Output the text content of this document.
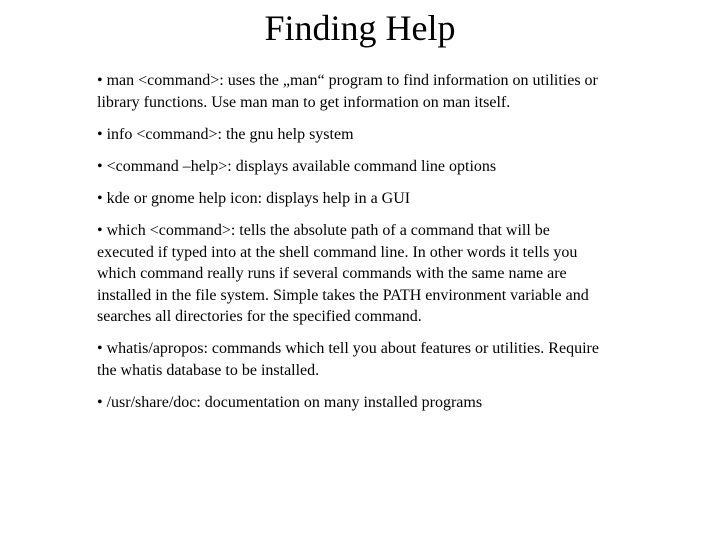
Finding Help
• man <command>: uses the „man“ program to find information on utilities or library functions. Use man man to get information on man itself.
• info <command>: the gnu help system
• <command –help>: displays available command line options
• kde or gnome help icon: displays help in a GUI
• which <command>: tells the absolute path of a command that will be executed if typed into at the shell command line. In other words it tells you which command really runs if several commands with the same name are installed in the file system. Simple takes the PATH environment variable and searches all directories for the specified command.
• whatis/apropos: commands which tell you about features or utilities. Require the whatis database to be installed.
• /usr/share/doc: documentation on many installed programs
